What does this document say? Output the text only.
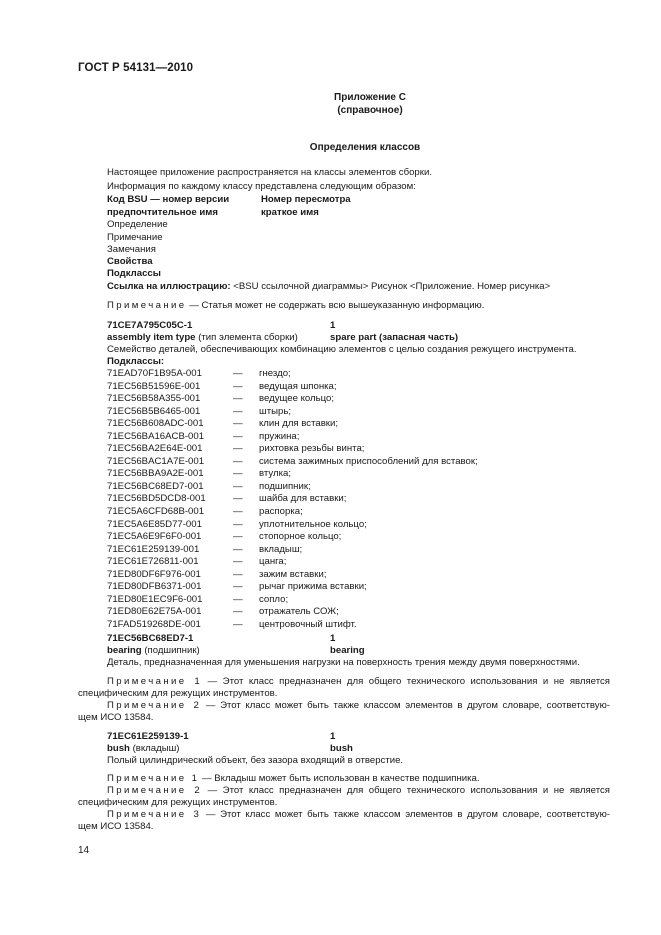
ГОСТ Р 54131—2010
Приложение С
(справочное)
Определения классов
Настоящее приложение распространяется на классы элементов сборки.
Информация по каждому классу представлена следующим образом:
Код BSU — номер версии	Номер пересмотра
предпочтительное имя	краткое имя
Определение
Примечание
Замечания
Свойства
Подклассы
Ссылка на иллюстрацию: <BSU ссылочной диаграммы> Рисунок <Приложение. Номер рисунка>
Примечание — Статья может не содержать всю вышеуказанную информацию.
71CE7A795C05C-1	1
assembly item type (тип элемента сборки)	spare part (запасная часть)
Семейство деталей, обеспечивающих комбинацию элементов с целью создания режущего инструмента.
Подклассы:
71EAD70F1B95A-001	— гнездо;
71EC56B51596E-001	— ведущая шпонка;
71EC56B58A355-001	— ведущее кольцо;
71EC56B5B6465-001	— штырь;
71EC56B608ADC-001	— клин для вставки;
71EC56BA16ACB-001	— пружина;
71EC56BA2E64E-001	— рихтовка резьбы винта;
71EC56BAC1A7E-001	— система зажимных приспособлений для вставок;
71EC56BBA9A2E-001	— втулка;
71EC56BC68ED7-001	— подшипник;
71EC56BD5DCD8-001	— шайба для вставки;
71EC5A6CFD68B-001	— распорка;
71EC5A6E85D77-001	— уплотнительное кольцо;
71EC5A6E9F6F0-001	— стопорное кольцо;
71EC61E259139-001	— вкладыш;
71EC61E726811-001	— цанга;
71ED80DF6F976-001	— зажим вставки;
71ED80DFB6371-001	— рычаг прижима вставки;
71ED80E1EC9F6-001	— сопло;
71ED80E62E75A-001	— отражатель СОЖ;
71FAD519268DE-001	— центровочный штифт.
71EC56BC68ED7-1	1
bearing (подшипник)	bearing
Деталь, предназначенная для уменьшения нагрузки на поверхность трения между двумя поверхностями.
Примечание 1 — Этот класс предназначен для общего технического использования и не является
специфическим для режущих инструментов.
Примечание 2 — Этот класс может быть также классом элементов в другом словаре, соответствую-
щем ИСО 13584.
71EC61E259139-1	1
bush (вкладыш)	bush
Полый цилиндрический объект, без зазора входящий в отверстие.
Примечание 1 — Вкладыш может быть использован в качестве подшипника.
Примечание 2 — Этот класс предназначен для общего технического использования и не является
специфическим для режущих инструментов.
Примечание 3 — Этот класс может быть также классом элементов в другом словаре, соответствую-
щем ИСО 13584.
14
